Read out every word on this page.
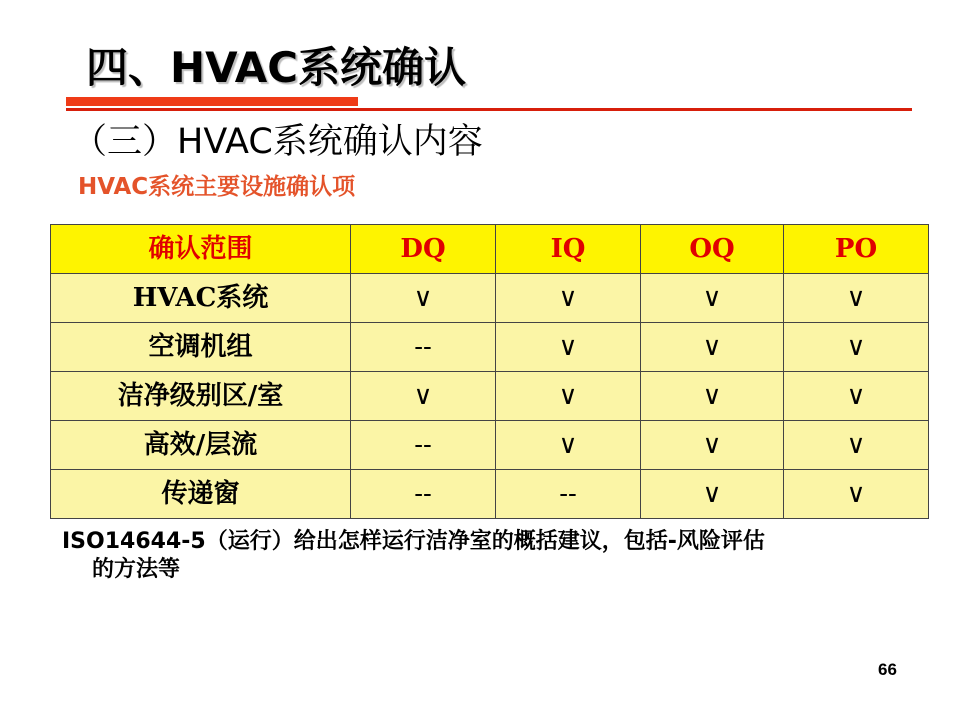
四、HVAC系统确认
（三）HVAC系统确认内容
HVAC系统主要设施确认项
确认范围	DQ	IQ	OQ	PO
HVAC系统	∨	∨	∨	∨
空调机组	--	∨	∨	∨
洁净级别区/室	∨	∨	∨	∨
高效/层流	--	∨	∨	∨
传递窗	--	--	∨	∨
ISO14644-5（运行）给出怎样运行洁净室的概括建议，包括-风险评估
的方法等
66
